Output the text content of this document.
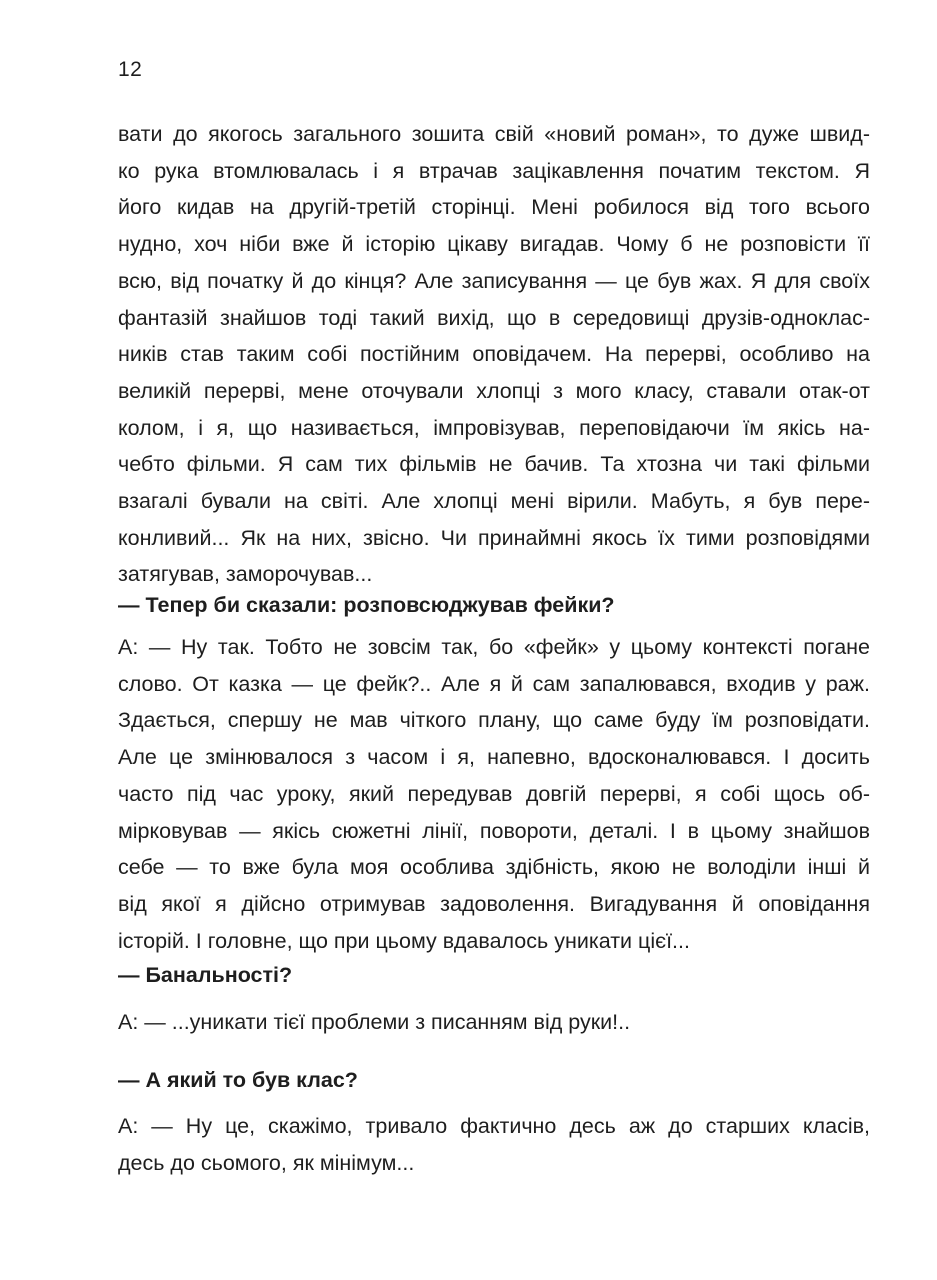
12

вати до якогось загального зошита свій «новий роман», то дуже швид-
ко рука втомлювалась і я втрачав зацікавлення початим текстом. Я
його кидав на другій-третій сторінці. Мені робилося від того всього
нудно, хоч ніби вже й історію цікаву вигадав. Чому б не розповісти її
всю, від початку й до кінця? Але записування — це був жах. Я для своїх
фантазій знайшов тоді такий вихід, що в середовищі друзів-одноклас-
ників став таким собі постійним оповідачем. На перерві, особливо на
великій перерві, мене оточували хлопці з мого класу, ставали отак-от
колом, і я, що називається, імпровізував, переповідаючи їм якісь на-
чебто фільми. Я сам тих фільмів не бачив. Та хтозна чи такі фільми
взагалі бували на світі. Але хлопці мені вірили. Мабуть, я був пере-
конливий... Як на них, звісно. Чи принаймні якось їх тими розповідями
затягував, заморочував...

— Тепер би сказали: розповсюджував фейки?

А: — Ну так. Тобто не зовсім так, бо «фейк» у цьому контексті погане
слово. От казка — це фейк?.. Але я й сам запалювався, входив у раж.
Здається, спершу не мав чіткого плану, що саме буду їм розповідати.
Але це змінювалося з часом і я, напевно, вдосконалювався. І досить
часто під час уроку, який передував довгій перерві, я собі щось об-
мірковував — якісь сюжетні лінії, повороти, деталі. І в цьому знайшов
себе — то вже була моя особлива здібність, якою не володіли інші й
від якої я дійсно отримував задоволення. Вигадування й оповідання
історій. І головне, що при цьому вдавалось уникати цієї...

— Банальності?

А: — ...уникати тієї проблеми з писанням від руки!..

— А який то був клас?

А: — Ну це, скажімо, тривало фактично десь аж до старших класів,
десь до сьомого, як мінімум...
